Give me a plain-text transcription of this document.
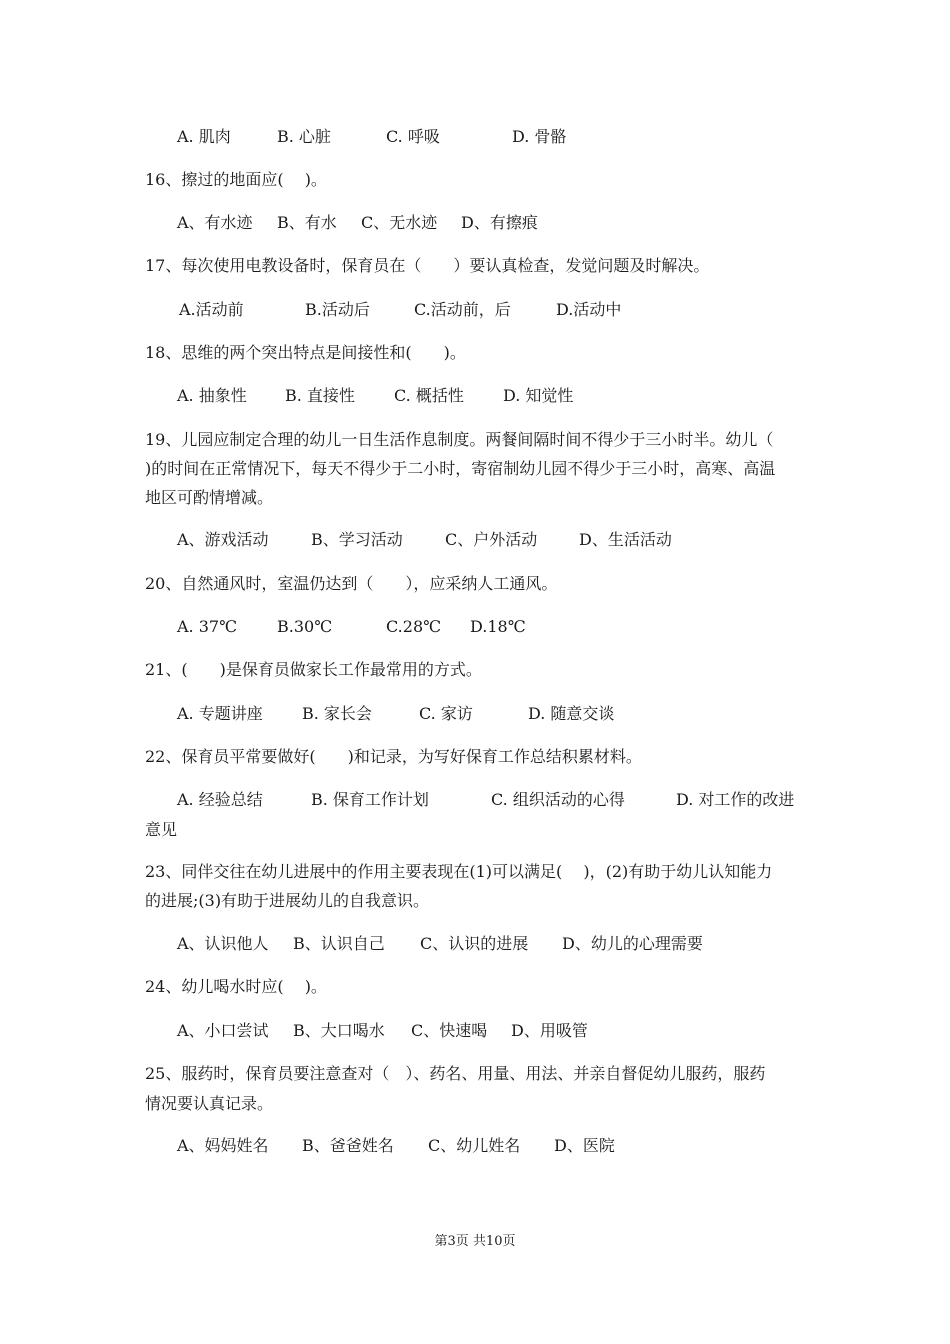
A. 肌肉	B. 心脏	C. 呼吸	D. 骨骼
16、擦过的地面应(　 )。
A、有水迹 B、有水 C、无水迹 D、有擦痕
17、每次使用电教设备时，保育员在（　　）要认真检查，发觉问题及时解决。
A.活动前	B.活动后	C.活动前，后	D.活动中
18、思维的两个突出特点是间接性和(　　)。
A. 抽象性 B. 直接性 C. 概括性 D. 知觉性
19、儿园应制定合理的幼儿一日生活作息制度。两餐间隔时间不得少于三小时半。幼儿（
)的时间在正常情况下，每天不得少于二小时，寄宿制幼儿园不得少于三小时，高寒、高温
地区可酌情增减。
A、游戏活动	B、学习活动	C、户外活动	D、生活活动
20、自然通风时，室温仍达到（　　），应采纳人工通风。
A. 37℃	B.30℃	C.28℃ D.18℃
21、(　　)是保育员做家长工作最常用的方式。
A. 专题讲座 B. 家长会	C. 家访	D. 随意交谈
22、保育员平常要做好(　　)和记录，为写好保育工作总结积累材料。
A. 经验总结	B. 保育工作计划	C. 组织活动的心得	D. 对工作的改进
意见
23、同伴交往在幼儿进展中的作用主要表现在(1)可以满足(　 )，(2)有助于幼儿认知能力
的进展;(3)有助于进展幼儿的自我意识。
A、认识他人 B、认识自己 C、认识的进展 D、幼儿的心理需要
24、幼儿喝水时应(　 )。
A、小口尝试 B、大口喝水 C、快速喝 D、用吸管
25、服药时，保育员要注意查对（　）、药名、用量、用法、并亲自督促幼儿服药，服药
情况要认真记录。
A、妈妈姓名 B、爸爸姓名 C、幼儿姓名 D、医院
第3页 共10页
